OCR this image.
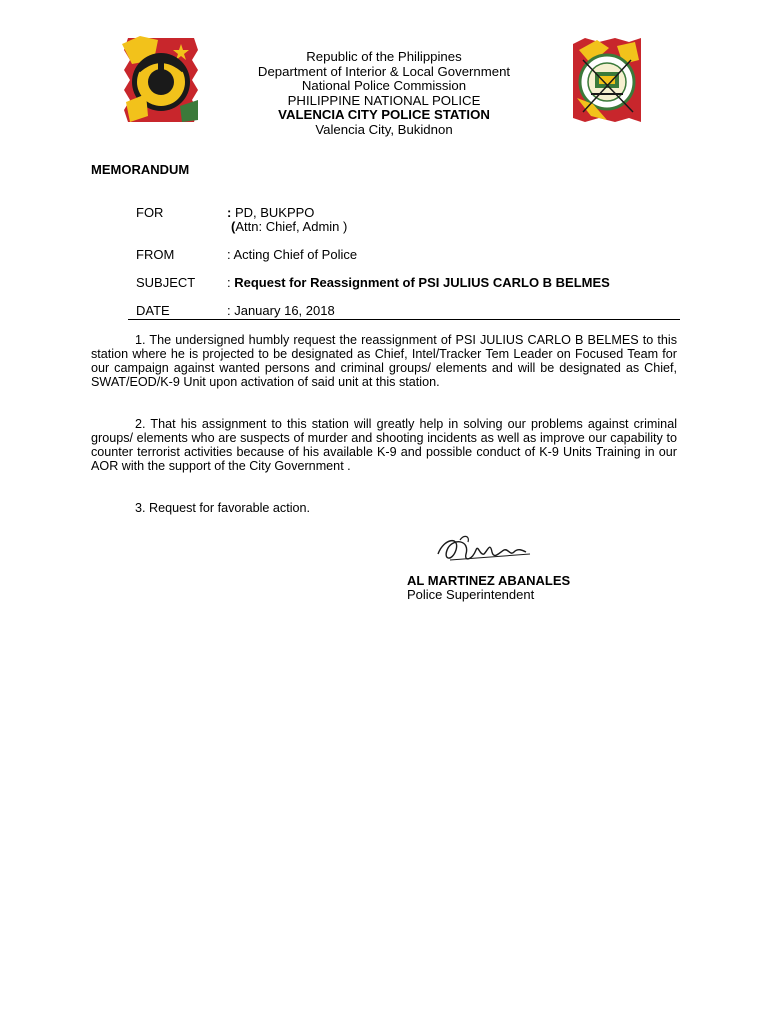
Republic of the Philippines
Department of Interior & Local Government
National Police Commission
PHILIPPINE NATIONAL POLICE
VALENCIA CITY POLICE STATION
Valencia City, Bukidnon
MEMORANDUM
FOR	: PD, BUKPPO
(Attn: Chief, Admin )
FROM	: Acting Chief of Police
SUBJECT : Request for Reassignment of PSI JULIUS CARLO B BELMES
DATE	: January 16, 2018
1. The undersigned humbly request the reassignment of PSI JULIUS CARLO B BELMES to this station where he is projected to be designated as Chief, Intel/Tracker Tem Leader on Focused Team for our campaign against wanted persons and criminal groups/ elements and will be designated as Chief, SWAT/EOD/K-9 Unit upon activation of said unit at this station.
2. That his assignment to this station will greatly help in solving our problems against criminal groups/ elements who are suspects of murder and shooting incidents as well as improve our capability to counter terrorist activities because of his available K-9 and possible conduct of K-9 Units Training in our AOR with the support of the City Government .
3. Request for favorable action.
AL MARTINEZ ABANALES
Police Superintendent
